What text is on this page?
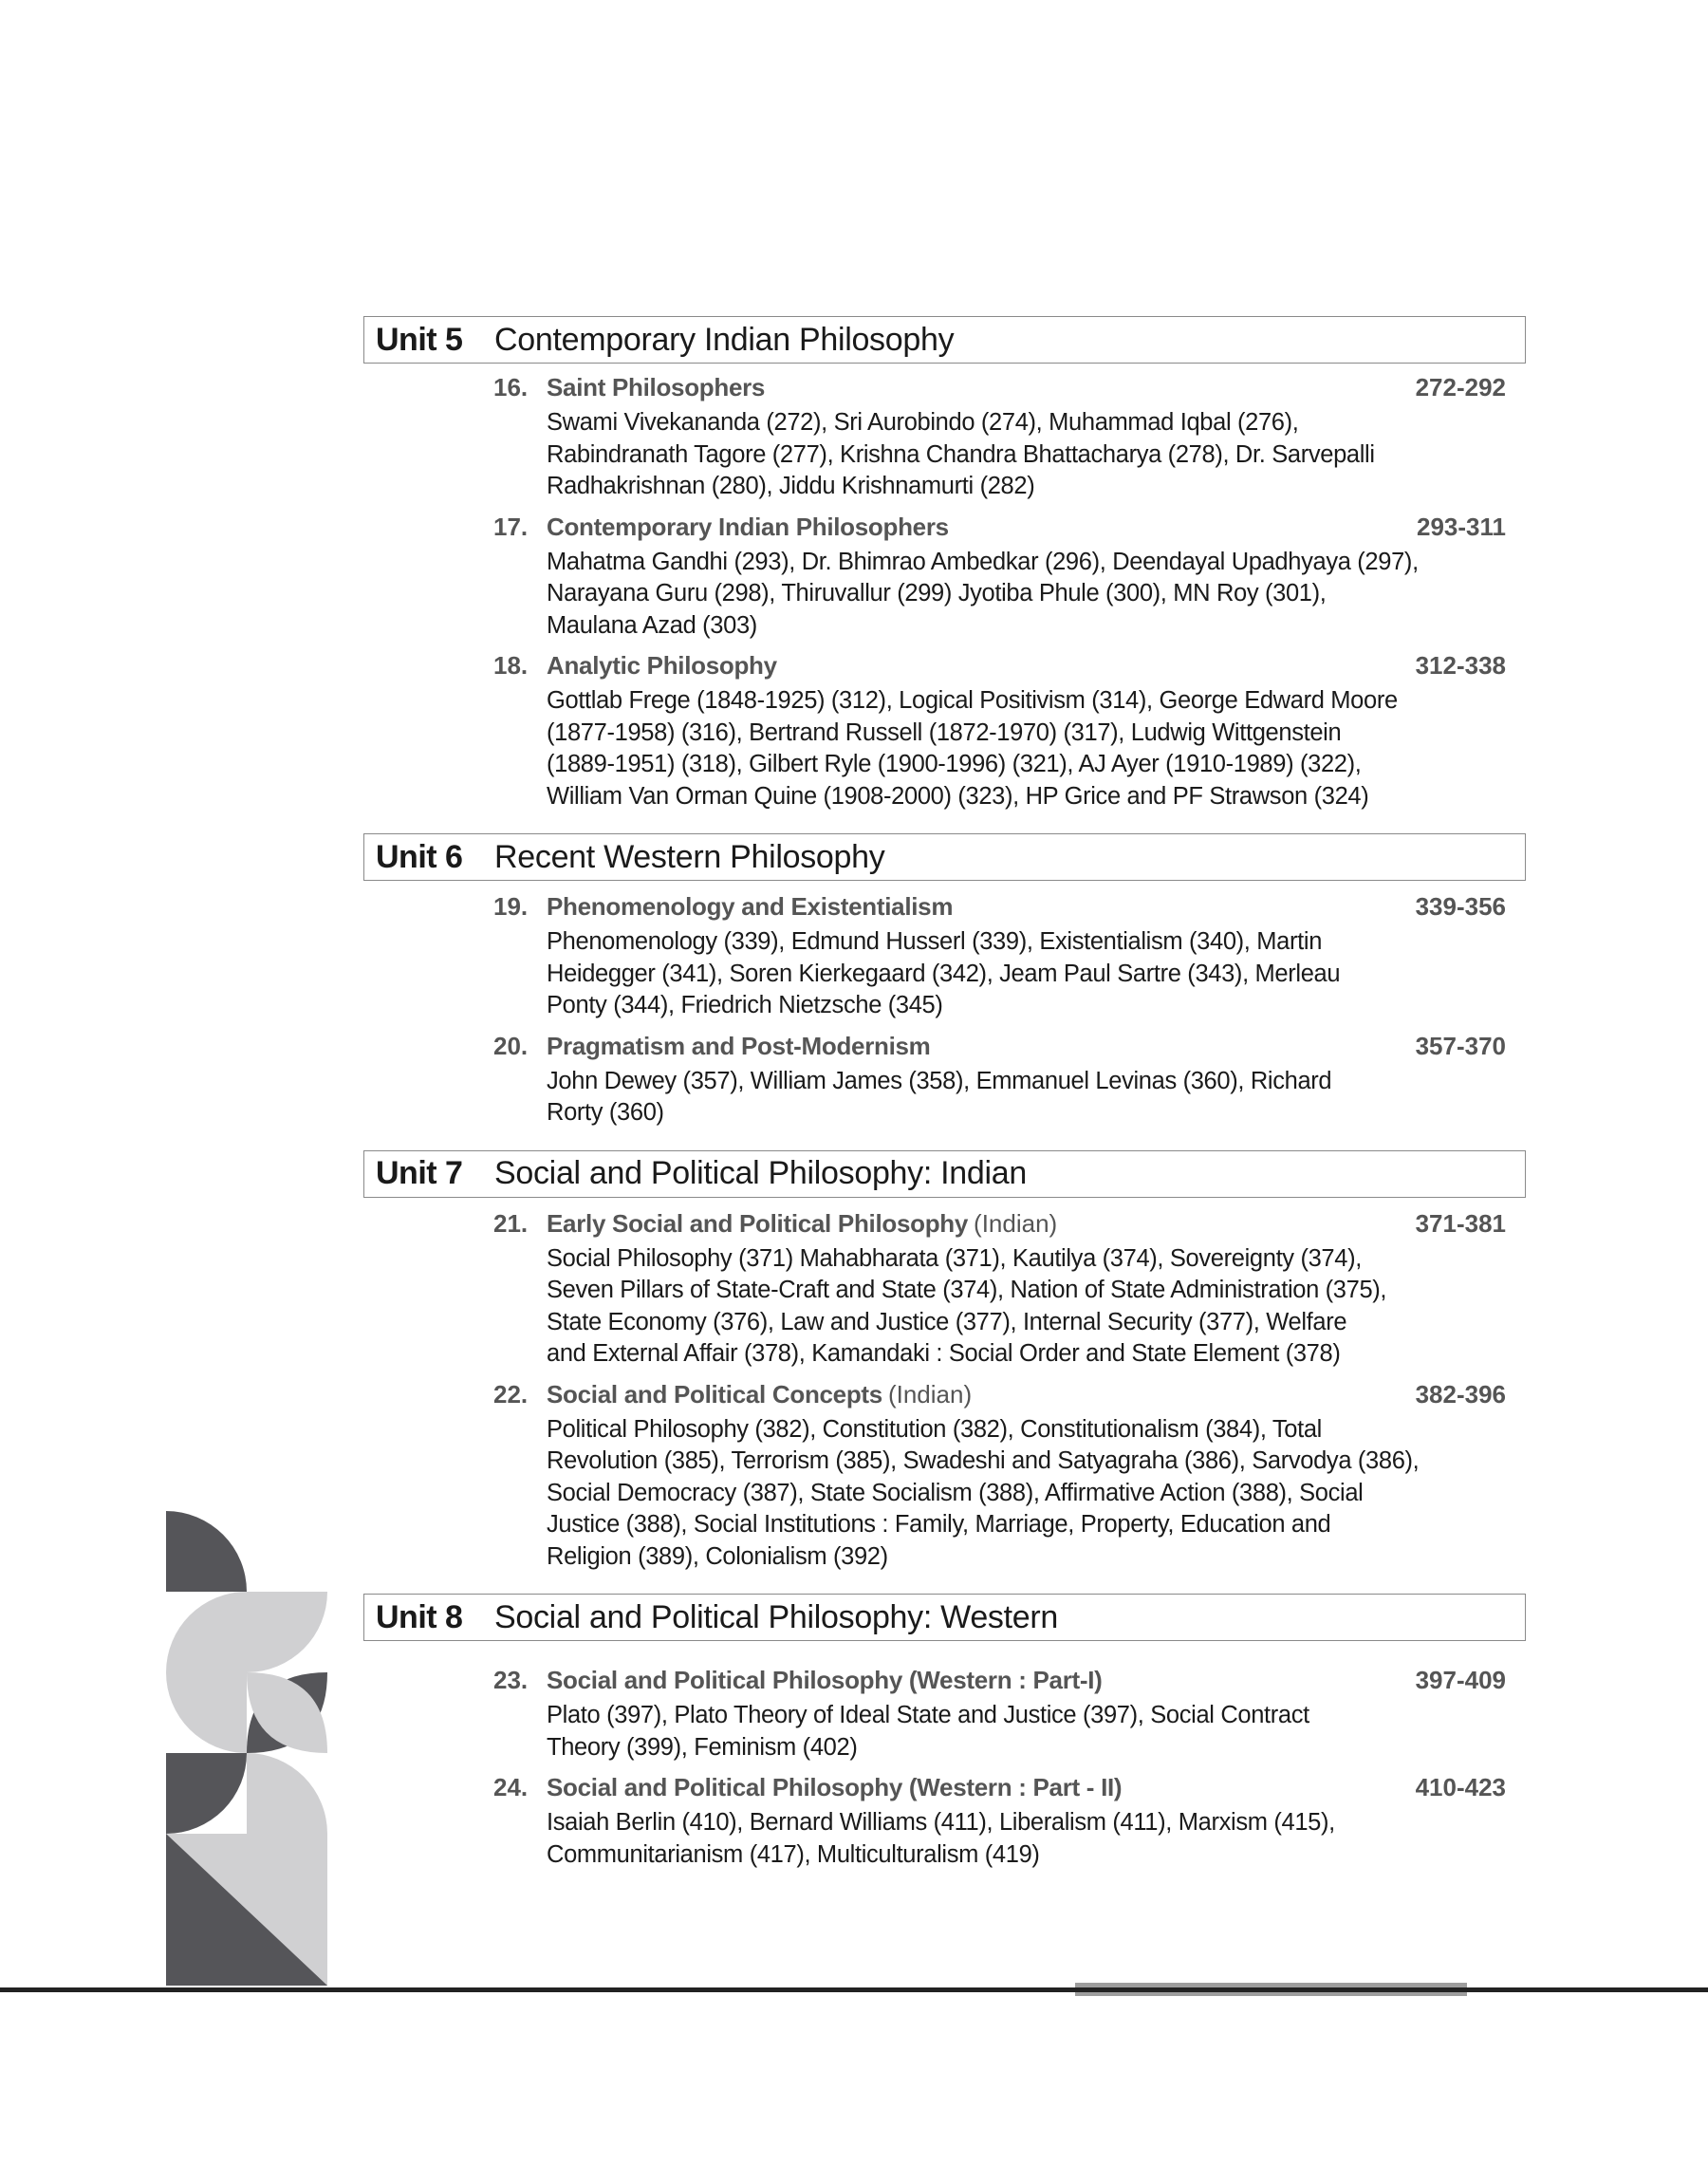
Unit 5 Contemporary Indian Philosophy
16. Saint Philosophers	272-292
Swami Vivekananda (272), Sri Aurobindo (274), Muhammad Iqbal (276),
Rabindranath Tagore (277), Krishna Chandra Bhattacharya (278), Dr. Sarvepalli
Radhakrishnan (280), Jiddu Krishnamurti (282)
17. Contemporary Indian Philosophers	293-311
Mahatma Gandhi (293), Dr. Bhimrao Ambedkar (296), Deendayal Upadhyaya (297),
Narayana Guru (298), Thiruvallur (299) Jyotiba Phule (300), MN Roy (301),
Maulana Azad (303)
18. Analytic Philosophy	312-338
Gottlab Frege (1848-1925) (312), Logical Positivism (314), George Edward Moore
(1877-1958) (316), Bertrand Russell (1872-1970) (317), Ludwig Wittgenstein
(1889-1951) (318), Gilbert Ryle (1900-1996) (321), AJ Ayer (1910-1989) (322),
William Van Orman Quine (1908-2000) (323), HP Grice and PF Strawson (324)
Unit 6 Recent Western Philosophy
19. Phenomenology and Existentialism	339-356
Phenomenology (339), Edmund Husserl (339), Existentialism (340), Martin
Heidegger (341), Soren Kierkegaard (342), Jeam Paul Sartre (343), Merleau
Ponty (344), Friedrich Nietzsche (345)
20. Pragmatism and Post-Modernism	357-370
John Dewey (357), William James (358), Emmanuel Levinas (360), Richard
Rorty (360)
Unit 7 Social and Political Philosophy: Indian
21. Early Social and Political Philosophy (Indian)	371-381
Social Philosophy (371) Mahabharata (371), Kautilya (374), Sovereignty (374),
Seven Pillars of State-Craft and State (374), Nation of State Administration (375),
State Economy (376), Law and Justice (377), Internal Security (377), Welfare
and External Affair (378), Kamandaki : Social Order and State Element (378)
22. Social and Political Concepts (Indian)	382-396
Political Philosophy (382), Constitution (382), Constitutionalism (384), Total
Revolution (385), Terrorism (385), Swadeshi and Satyagraha (386), Sarvodya (386),
Social Democracy (387), State Socialism (388), Affirmative Action (388), Social
Justice (388), Social Institutions : Family, Marriage, Property, Education and
Religion (389), Colonialism (392)
Unit 8 Social and Political Philosophy: Western
23. Social and Political Philosophy (Western : Part-I)	397-409
Plato (397), Plato Theory of Ideal State and Justice (397), Social Contract
Theory (399), Feminism (402)
24. Social and Political Philosophy (Western : Part - II)	410-423
Isaiah Berlin (410), Bernard Williams (411), Liberalism (411), Marxism (415),
Communitarianism (417), Multiculturalism (419)
